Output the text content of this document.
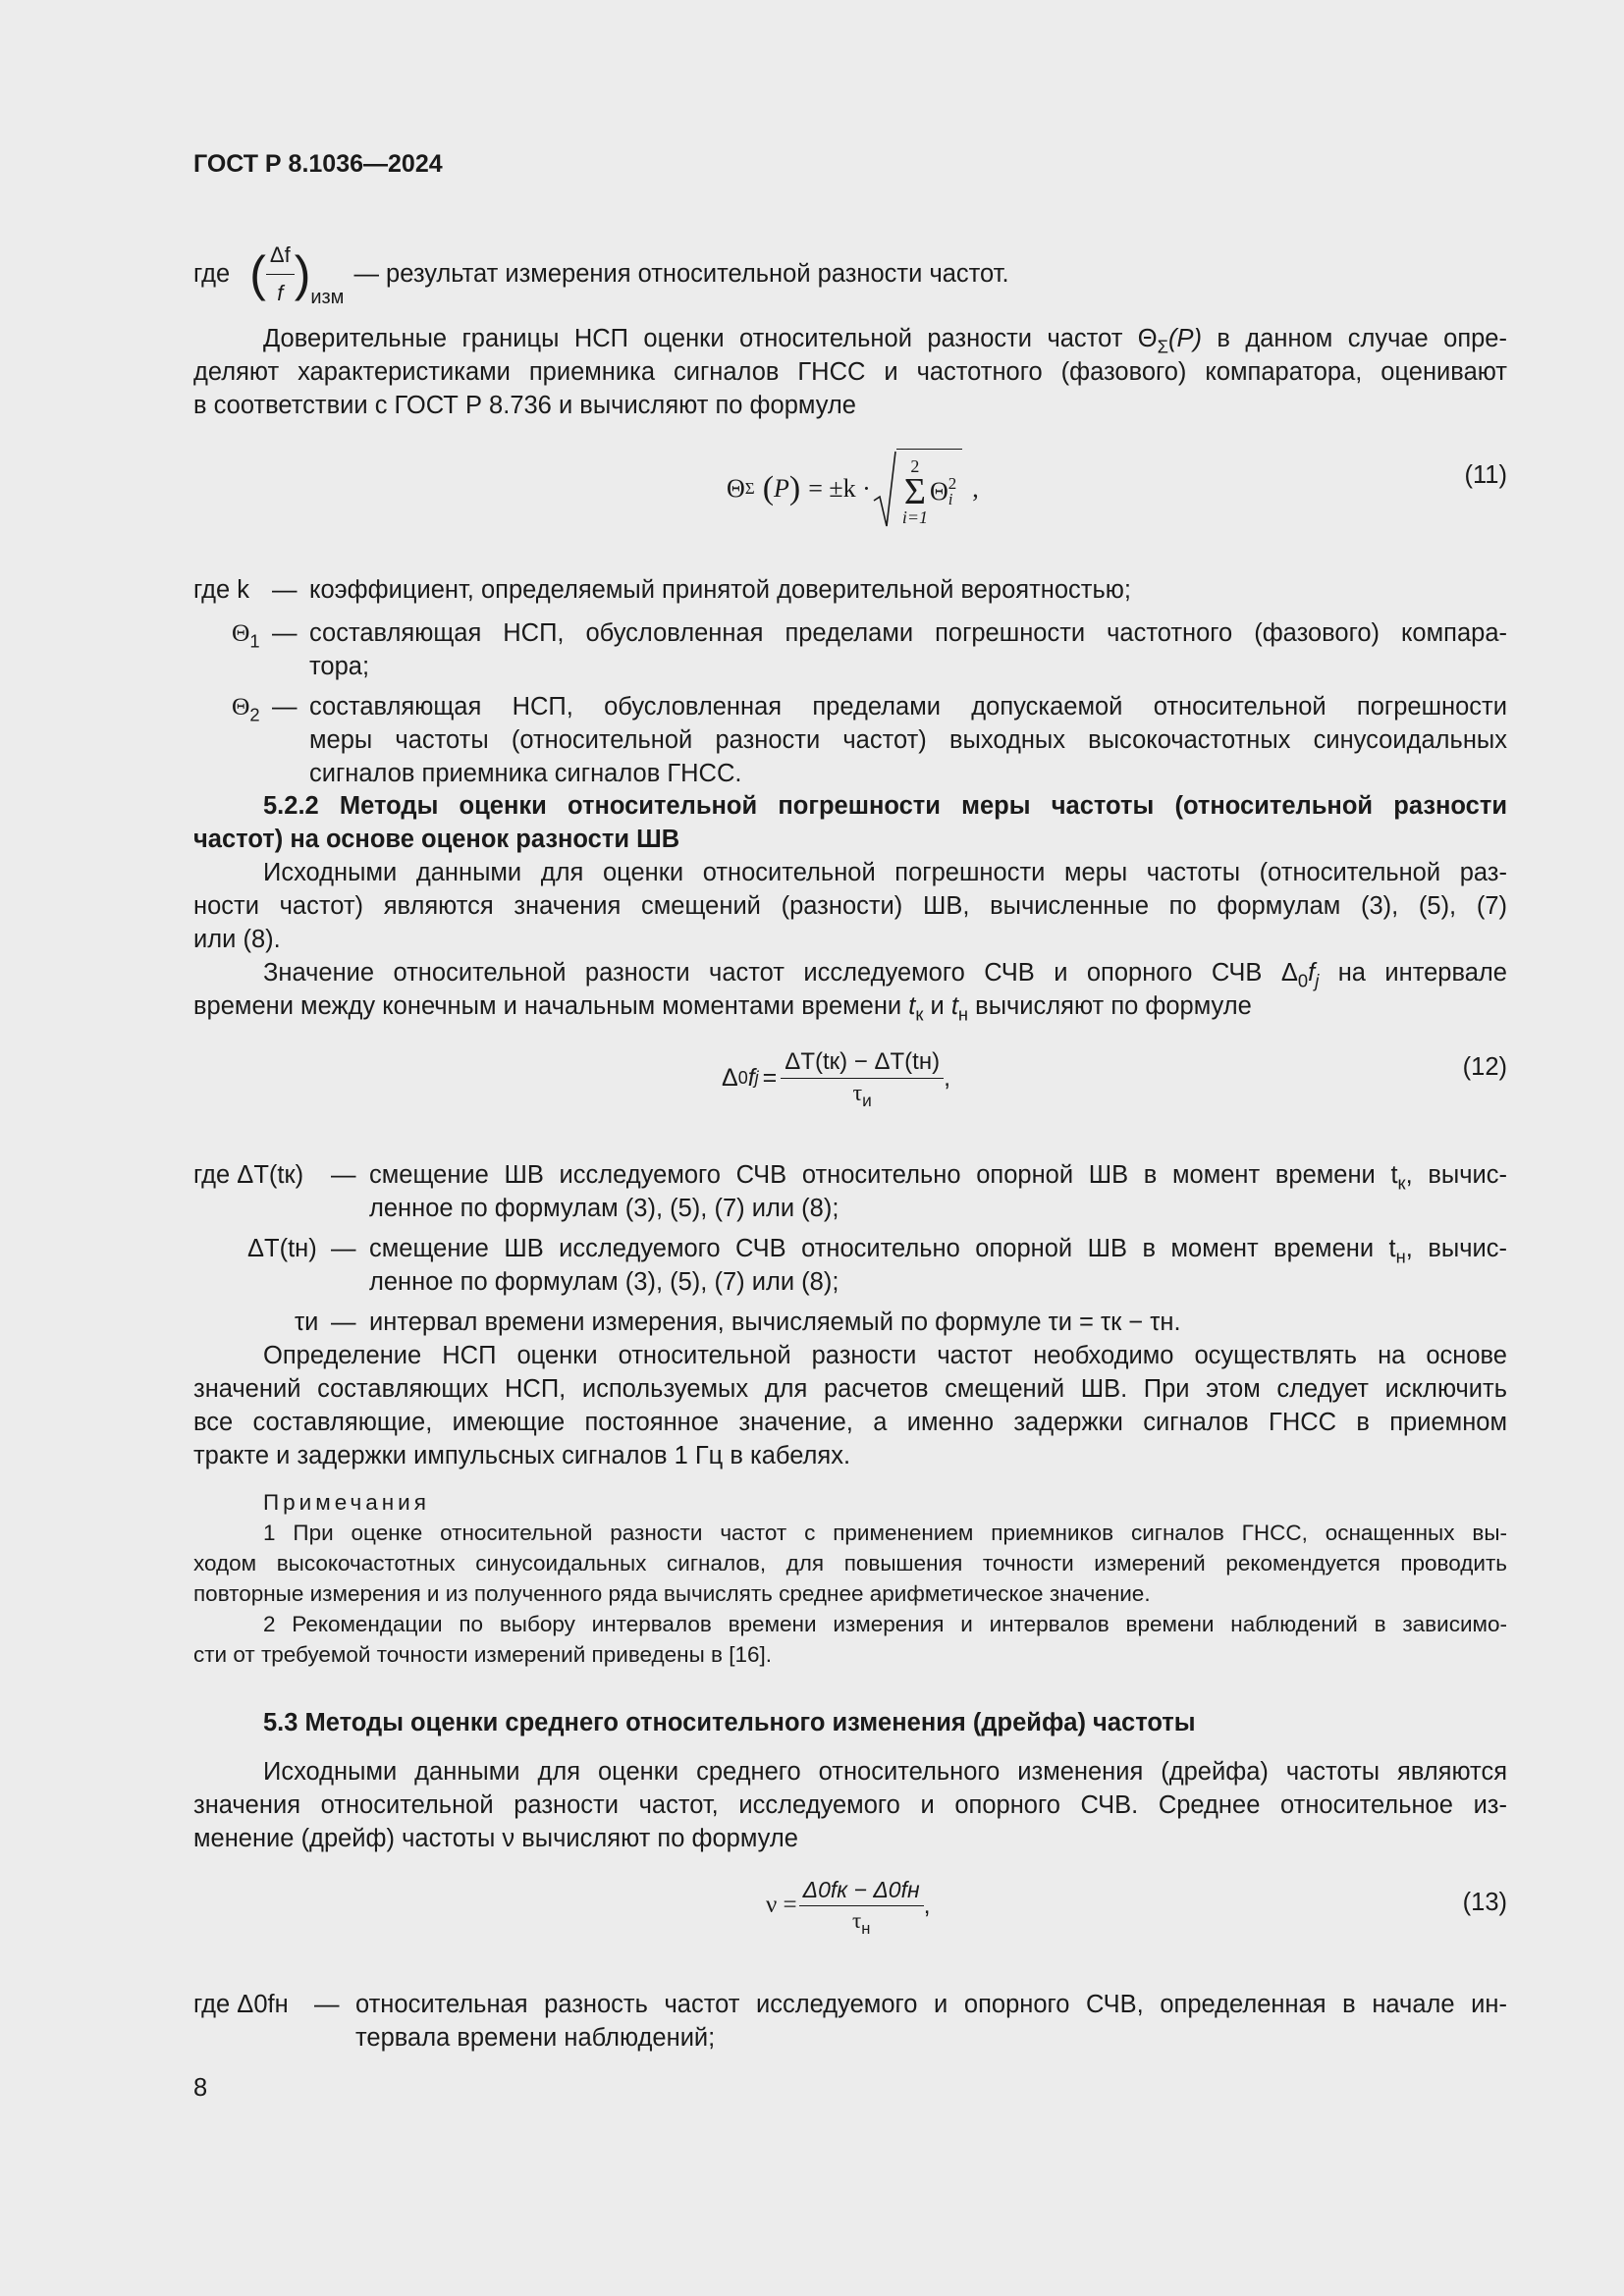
ГОСТ Р 8.1036—2024
где ( $\frac{\Delta f}{f}$ ) изм
— результат измерения относительной разности частот.
Доверительные границы НСП оценки относительной разности частот $\Theta_\Sigma(P)$ в данном случае опре-
деляют характеристиками приемника сигналов ГНСС и частотного (фазового) компаратора, оценивают
в соответствии с ГОСТ Р 8.736 и вычисляют по формуле
Θ Σ ( P ) = ±k ·
2
Σ
i=1
Θ 2
i ,	(11)
где k — коэффициент, определяемый принятой доверительной вероятностью;
$\Theta_1$ — составляющая НСП, обусловленная пределами погрешности частотного (фазового) компара-
тора;
$\Theta_2$ — составляющая НСП, обусловленная пределами допускаемой относительной погрешности
меры частоты (относительной разности частот) выходных высокочастотных синусоидальных
сигналов приемника сигналов ГНСС.
5.2.2 Методы оценки относительной погрешности меры частоты (относительной разности
частот) на основе оценок разности ШВ
Исходными данными для оценки относительной погрешности меры частоты (относительной раз-
ности частот) являются значения смещений (разности) ШВ, вычисленные по формулам (3), (5), (7)
или (8).
Значение относительной разности частот исследуемого СЧВ и опорного СЧВ $\Delta_0f_j$ на интервале
времени между конечным и начальным моментами времени $t_к$ и $t_н$ вычисляют по формуле
Δ 0 f $j = \frac{\Delta T(tк) - \Delta T(tн)}{\tau_и}$ ,	(12)
где ΔT(tк) — смещение ШВ исследуемого СЧВ относительно опорной ШВ в момент времени $t_к$, вычис-
ленное по формулам (3), (5), (7) или (8);
ΔT(tн) — смещение ШВ исследуемого СЧВ относительно опорной ШВ в момент времени $t_н$, вычис-
ленное по формулам (3), (5), (7) или (8);
τи — интервал времени измерения, вычисляемый по формуле τи = τк − τн.
Определение НСП оценки относительной разности частот необходимо осуществлять на основе
значений составляющих НСП, используемых для расчетов смещений ШВ. При этом следует исключить
все составляющие, имеющие постоянное значение, а именно задержки сигналов ГНСС в приемном
тракте и задержки импульсных сигналов 1 Гц в кабелях.
Примечания
1 При оценке относительной разности частот с применением приемников сигналов ГНСС, оснащенных вы-
ходом высокочастотных синусоидальных сигналов, для повышения точности измерений рекомендуется проводить
повторные измерения и из полученного ряда вычислять среднее арифметическое значение.
2 Рекомендации по выбору интервалов времени измерения и интервалов времени наблюдений в зависимо-
сти от требуемой точности измерений приведены в [16].
5.3 Методы оценки среднего относительного изменения (дрейфа) частоты
Исходными данными для оценки среднего относительного изменения (дрейфа) частоты являются
значения относительной разности частот, исследуемого и опорного СЧВ. Среднее относительное из-
менение (дрейф) частоты ν вычисляют по формуле
$\nu = \frac{\Delta 0fк - \Delta 0fн}{\tau_н}$ ,	(13)
где Δ0fн — относительная разность частот исследуемого и опорного СЧВ, определенная в начале ин-
тервала времени наблюдений;
8
